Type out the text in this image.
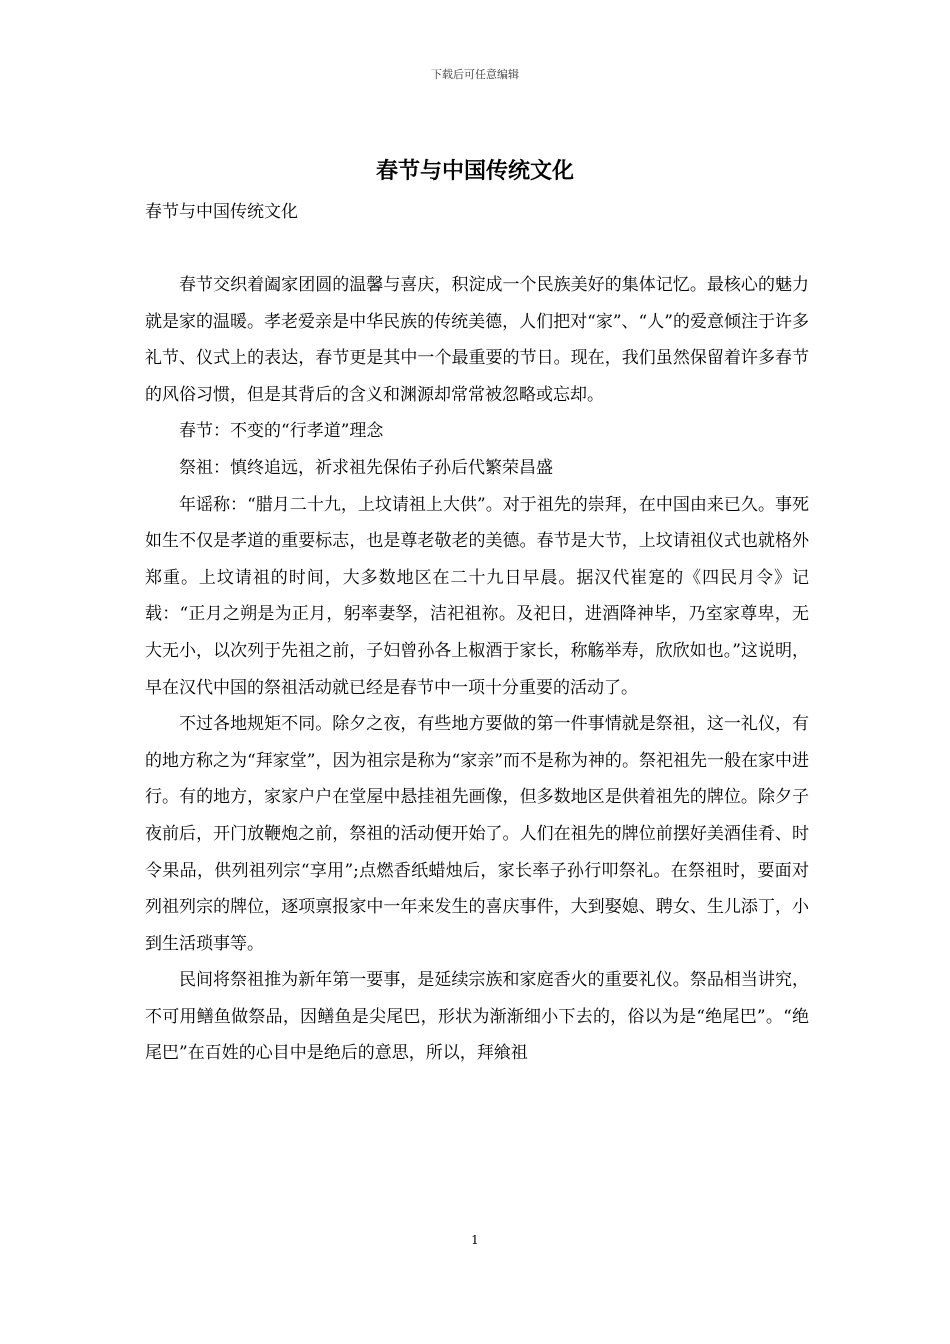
下载后可任意编辑
春节与中国传统文化

春节与中国传统文化

春节交织着阖家团圆的温馨与喜庆，积淀成一个民族美好的集体记忆。最核心的魅力就是家的温暖。孝老爱亲是中华民族的传统美德，人们把对“家”、“人”的爱意倾注于许多礼节、仪式上的表达，春节更是其中一个最重要的节日。现在，我们虽然保留着许多春节的风俗习惯，但是其背后的含义和渊源却常常被忽略或忘却。

春节：不变的“行孝道”理念

祭祖：慎终追远，祈求祖先保佑子孙后代繁荣昌盛

年谣称：“腊月二十九，上坟请祖上大供”。对于祖先的崇拜，在中国由来已久。事死如生不仅是孝道的重要标志，也是尊老敬老的美德。春节是大节，上坟请祖仪式也就格外郑重。上坟请祖的时间，大多数地区在二十九日早晨。据汉代崔寔的《四民月令》记载：“正月之朔是为正月，躬率妻孥，洁祀祖祢。及祀日，进酒降神毕，乃室家尊卑，无大无小，以次列于先祖之前，子妇曾孙各上椒酒于家长，称觞举寿，欣欣如也。”这说明，早在汉代中国的祭祖活动就已经是春节中一项十分重要的活动了。

不过各地规矩不同。除夕之夜，有些地方要做的第一件事情就是祭祖，这一礼仪，有的地方称之为“拜家堂”，因为祖宗是称为“家亲”而不是称为神的。祭祀祖先一般在家中进行。有的地方，家家户户在堂屋中悬挂祖先画像，但多数地区是供着祖先的牌位。除夕子夜前后，开门放鞭炮之前，祭祖的活动便开始了。人们在祖先的牌位前摆好美酒佳肴、时令果品，供列祖列宗“享用”;点燃香纸蜡烛后，家长率子孙行叩祭礼。在祭祖时，要面对列祖列宗的牌位，逐项禀报家中一年来发生的喜庆事件，大到娶媳、聘女、生儿添丁，小到生活琐事等。

民间将祭祖推为新年第一要事，是延续宗族和家庭香火的重要礼仪。祭品相当讲究，不可用鳝鱼做祭品，因鳝鱼是尖尾巴，形状为渐渐细小下去的，俗以为是“绝尾巴”。“绝尾巴”在百姓的心目中是绝后的意思，所以，拜飨祖

1
